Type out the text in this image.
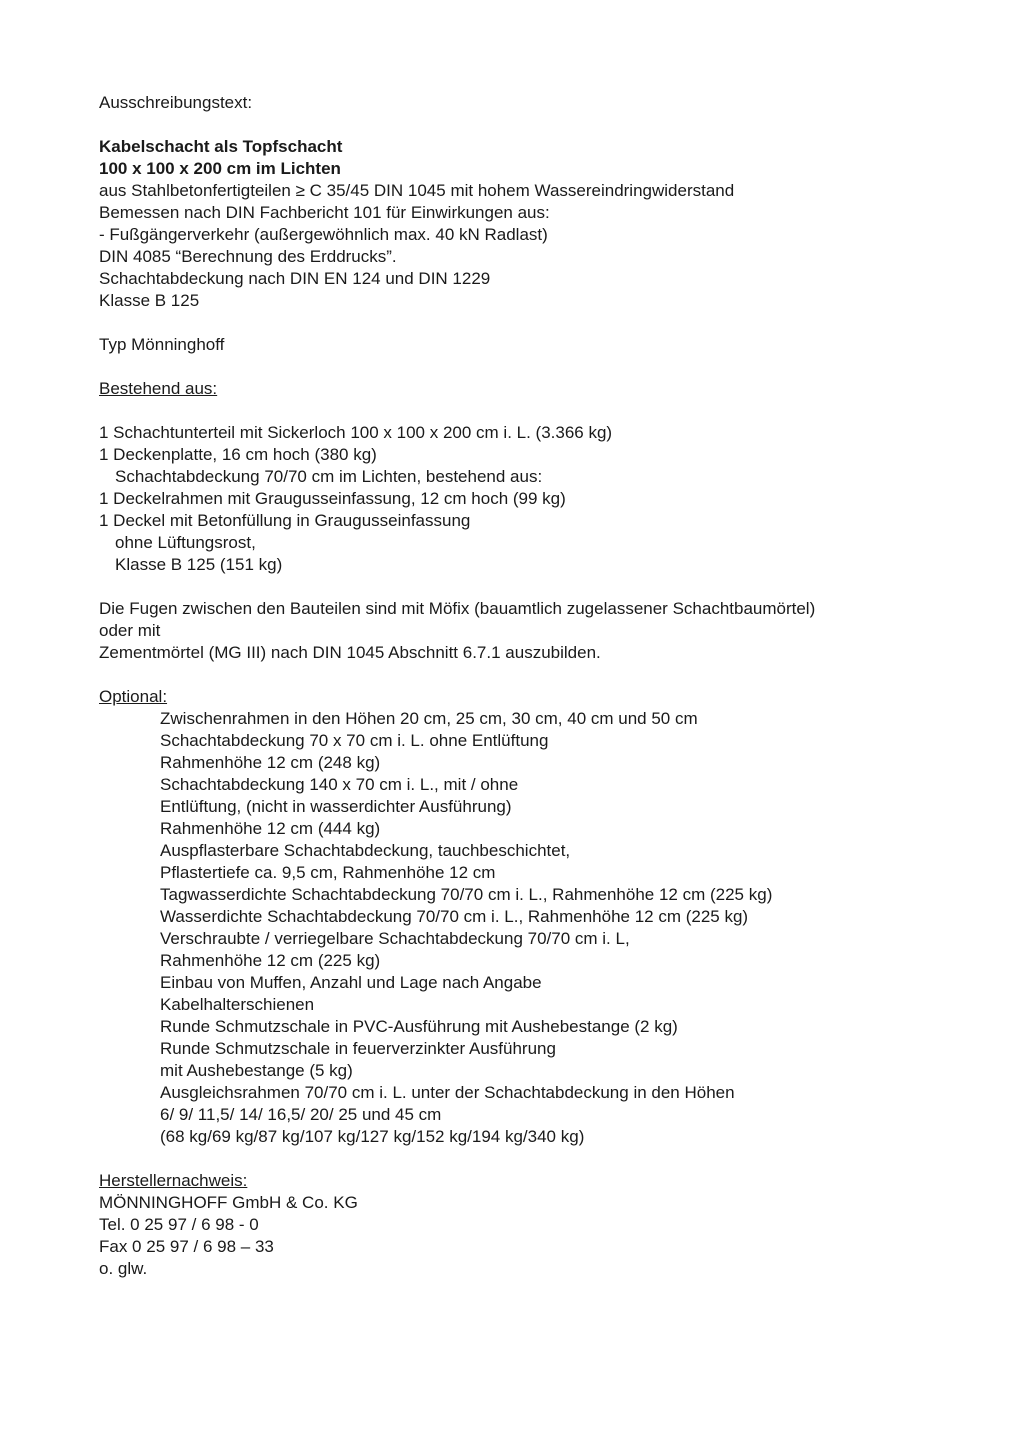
Ausschreibungstext:
Kabelschacht als Topfschacht
100 x 100 x 200 cm im Lichten
aus Stahlbetonfertigteilen ≥ C 35/45 DIN 1045 mit hohem Wassereindringwiderstand
Bemessen nach DIN Fachbericht 101 für Einwirkungen aus:
- Fußgängerverkehr (außergewöhnlich max. 40 kN Radlast)
DIN 4085 “Berechnung des Erddrucks”.
Schachtabdeckung nach DIN EN 124 und DIN 1229
Klasse B 125
Typ Mönninghoff
Bestehend aus:
1 Schachtunterteil mit Sickerloch 100 x 100 x 200 cm i. L. (3.366 kg)
1 Deckenplatte, 16 cm hoch (380 kg)
Schachtabdeckung 70/70 cm im Lichten, bestehend aus:
1 Deckelrahmen mit Graugusseinfassung, 12 cm hoch (99 kg)
1 Deckel mit Betonfüllung in Graugusseinfassung
ohne Lüftungsrost,
Klasse B 125 (151 kg)
Die Fugen zwischen den Bauteilen sind mit Möfix (bauamtlich zugelassener Schachtbaumörtel)
oder mit
Zementmörtel (MG III) nach DIN 1045 Abschnitt 6.7.1 auszubilden.
Optional:
Zwischenrahmen in den Höhen 20 cm, 25 cm, 30 cm, 40 cm und 50 cm
Schachtabdeckung 70 x 70 cm i. L. ohne Entlüftung
Rahmenhöhe 12 cm (248 kg)
Schachtabdeckung 140 x 70 cm i. L., mit / ohne
Entlüftung, (nicht in wasserdichter Ausführung)
Rahmenhöhe 12 cm (444 kg)
Auspflasterbare Schachtabdeckung, tauchbeschichtet,
Pflastertiefe ca. 9,5 cm, Rahmenhöhe 12 cm
Tagwasserdichte Schachtabdeckung 70/70 cm i. L., Rahmenhöhe 12 cm (225 kg)
Wasserdichte Schachtabdeckung 70/70 cm i. L., Rahmenhöhe 12 cm (225 kg)
Verschraubte / verriegelbare Schachtabdeckung 70/70 cm i. L,
Rahmenhöhe 12 cm (225 kg)
Einbau von Muffen, Anzahl und Lage nach Angabe
Kabelhalterschienen
Runde Schmutzschale in PVC-Ausführung mit Aushebestange (2 kg)
Runde Schmutzschale in feuerverzinkter Ausführung
mit Aushebestange (5 kg)
Ausgleichsrahmen 70/70 cm i. L. unter der Schachtabdeckung in den Höhen
6/ 9/ 11,5/ 14/ 16,5/ 20/ 25 und 45 cm
(68 kg/69 kg/87 kg/107 kg/127 kg/152 kg/194 kg/340 kg)
Herstellernachweis:
MÖNNINGHOFF GmbH & Co. KG
Tel. 0 25 97 / 6 98 - 0
Fax 0 25 97 / 6 98 – 33
o. glw.
